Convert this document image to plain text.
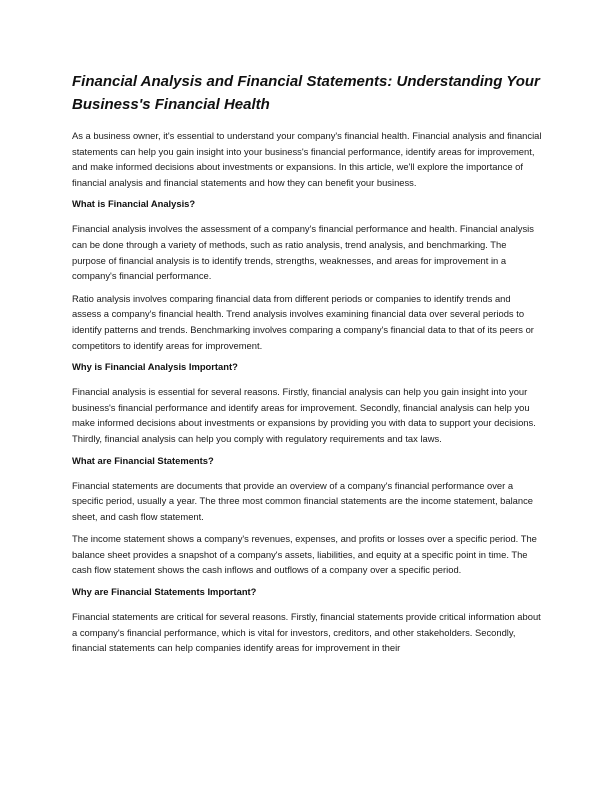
Financial Analysis and Financial Statements: Understanding Your Business's Financial Health

As a business owner, it's essential to understand your company's financial health. Financial analysis and financial statements can help you gain insight into your business's financial performance, identify areas for improvement, and make informed decisions about investments or expansions. In this article, we'll explore the importance of financial analysis and financial statements and how they can benefit your business.

What is Financial Analysis?

Financial analysis involves the assessment of a company's financial performance and health. Financial analysis can be done through a variety of methods, such as ratio analysis, trend analysis, and benchmarking. The purpose of financial analysis is to identify trends, strengths, weaknesses, and areas for improvement in a company's financial performance.

Ratio analysis involves comparing financial data from different periods or companies to identify trends and assess a company's financial health. Trend analysis involves examining financial data over several periods to identify patterns and trends. Benchmarking involves comparing a company's financial data to that of its peers or competitors to identify areas for improvement.

Why is Financial Analysis Important?

Financial analysis is essential for several reasons. Firstly, financial analysis can help you gain insight into your business's financial performance and identify areas for improvement. Secondly, financial analysis can help you make informed decisions about investments or expansions by providing you with data to support your decisions. Thirdly, financial analysis can help you comply with regulatory requirements and tax laws.

What are Financial Statements?

Financial statements are documents that provide an overview of a company's financial performance over a specific period, usually a year. The three most common financial statements are the income statement, balance sheet, and cash flow statement.

The income statement shows a company's revenues, expenses, and profits or losses over a specific period. The balance sheet provides a snapshot of a company's assets, liabilities, and equity at a specific point in time. The cash flow statement shows the cash inflows and outflows of a company over a specific period.

Why are Financial Statements Important?

Financial statements are critical for several reasons. Firstly, financial statements provide critical information about a company's financial performance, which is vital for investors, creditors, and other stakeholders. Secondly, financial statements can help companies identify areas for improvement in their
